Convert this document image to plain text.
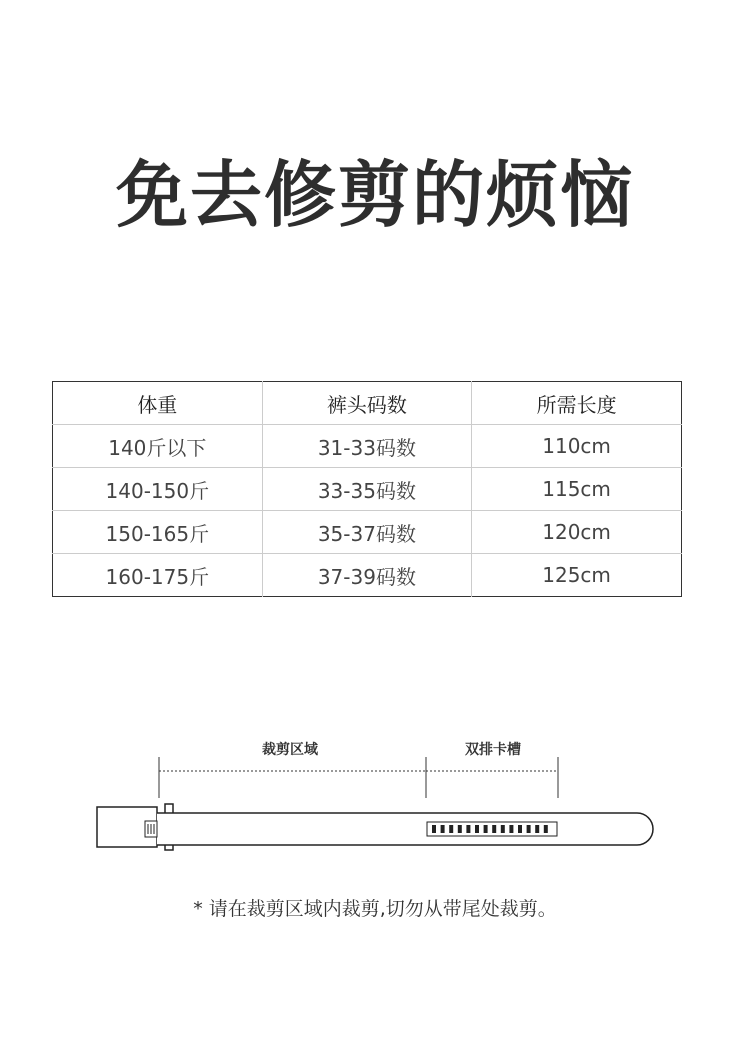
免去修剪的烦恼
体重	裤头码数	所需长度
140斤以下	31-33码数	110cm
140-150斤	33-35码数	115cm
150-165斤	35-37码数	120cm
160-175斤	37-39码数	125cm
裁剪区域	双排卡槽
* 请在裁剪区域内裁剪,切勿从带尾处裁剪。
